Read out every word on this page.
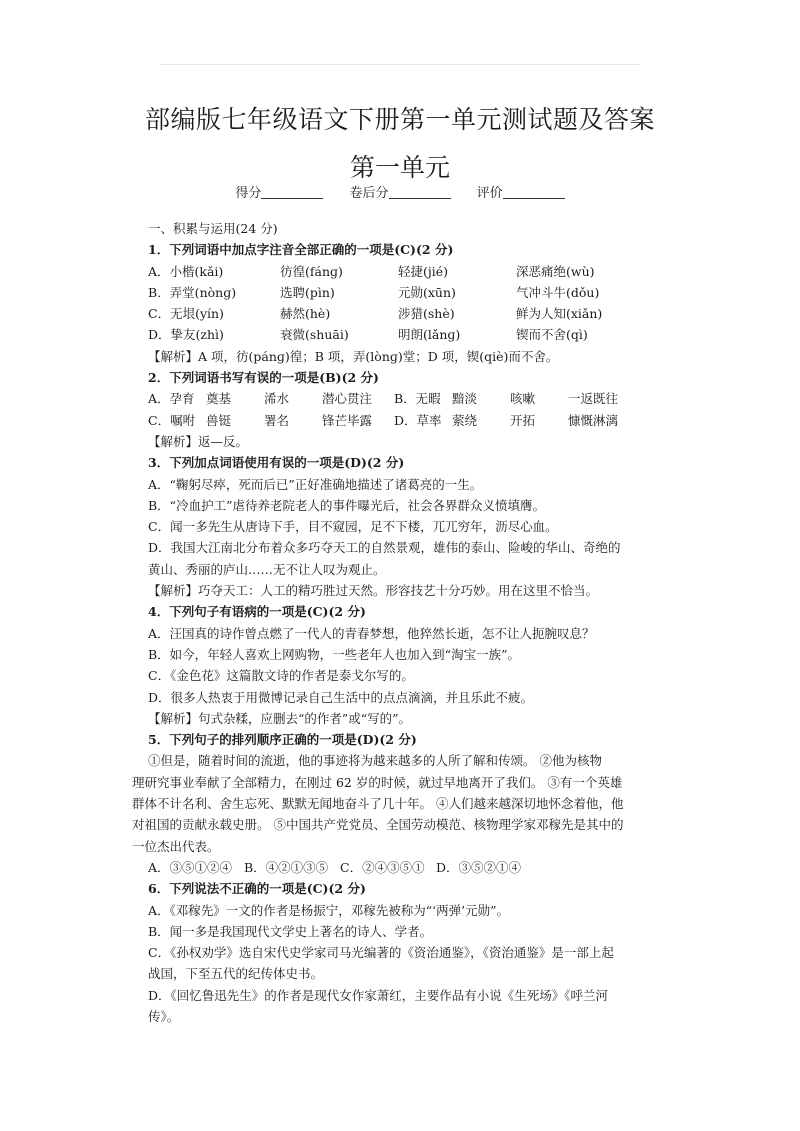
部编版七年级语文下册第一单元测试题及答案
第一单元
得分	卷后分	评价

一、积累与运用(24 分)

1．下列词语中加点字注音全部正确的一项是(C)(2 分)

A．小楷(kǎi)	彷徨(fánɡ)	轻捷(jié)	深恶痛绝(wù)

B．弄堂(nònɡ)	选聘(pìn)	元勋(xūn)	气冲斗牛(dǒu)

C．无垠(yín)	赫然(hè)	涉猎(shè)	鲜为人知(xiǎn)

D．挚友(zhì)	衰微(shuāi)	明朗(lǎnɡ)	锲而不舍(qì)

【解析】A 项，彷(pánɡ)徨；B 项，弄(lònɡ)堂；D 项，锲(qiè)而不舍。

2．下列词语书写有误的一项是(B)(2 分)

A．孕育 奠基	浠水	潜心贯注 B．无暇 黯淡	咳嗽	一返既往

C．嘱咐 兽铤	署名	锋芒毕露 D．草率 萦绕	开拓	慷慨淋漓

【解析】返—反。

3．下列加点词语使用有误的一项是(D)(2 分)

A．“鞠躬尽瘁，死而后已”正好准确地描述了诸葛亮的一生。

B．“冷血护工”虐待养老院老人的事件曝光后，社会各界群众义愤填膺。

C．闻一多先生从唐诗下手，目不窥园，足不下楼，兀兀穷年，沥尽心血。

D．我国大江南北分布着众多巧夺天工的自然景观，雄伟的泰山、险峻的华山、奇绝的

黄山、秀丽的庐山……无不让人叹为观止。

【解析】巧夺天工：人工的精巧胜过天然。形容技艺十分巧妙。用在这里不恰当。

4．下列句子有语病的一项是(C)(2 分)

A．汪国真的诗作曾点燃了一代人的青春梦想，他猝然长逝，怎不让人扼腕叹息？

B．如今，年轻人喜欢上网购物，一些老年人也加入到“淘宝一族”。

C．《金色花》这篇散文诗的作者是泰戈尔写的。

D．很多人热衷于用微博记录自己生活中的点点滴滴，并且乐此不疲。

【解析】句式杂糅，应删去“的作者”或“写的”。

5．下列句子的排列顺序正确的一项是(D)(2 分)

①但是，随着时间的流逝，他的事迹将为越来越多的人所了解和传颂。 ②他为核物
理研究事业奉献了全部精力，在刚过 62 岁的时候，就过早地离开了我们。 ③有一个英雄
群体不计名利、舍生忘死、默默无闻地奋斗了几十年。 ④人们越来越深切地怀念着他，他
对祖国的贡献永载史册。 ⑤中国共产党党员、全国劳动模范、核物理学家邓稼先是其中的
一位杰出代表。

A．③⑤①②④ B．④②①③⑤ C．②④③⑤① D．③⑤②①④

6．下列说法不正确的一项是(C)(2 分)

A．《邓稼先》一文的作者是杨振宁，邓稼先被称为“‘两弹’元勋”。

B．闻一多是我国现代文学史上著名的诗人、学者。

C．《孙权劝学》选自宋代史学家司马光编著的《资治通鉴》，《资治通鉴》是一部上起

战国，下至五代的纪传体史书。

D．《回忆鲁迅先生》的作者是现代女作家萧红，主要作品有小说《生死场》《呼兰河

传》。
